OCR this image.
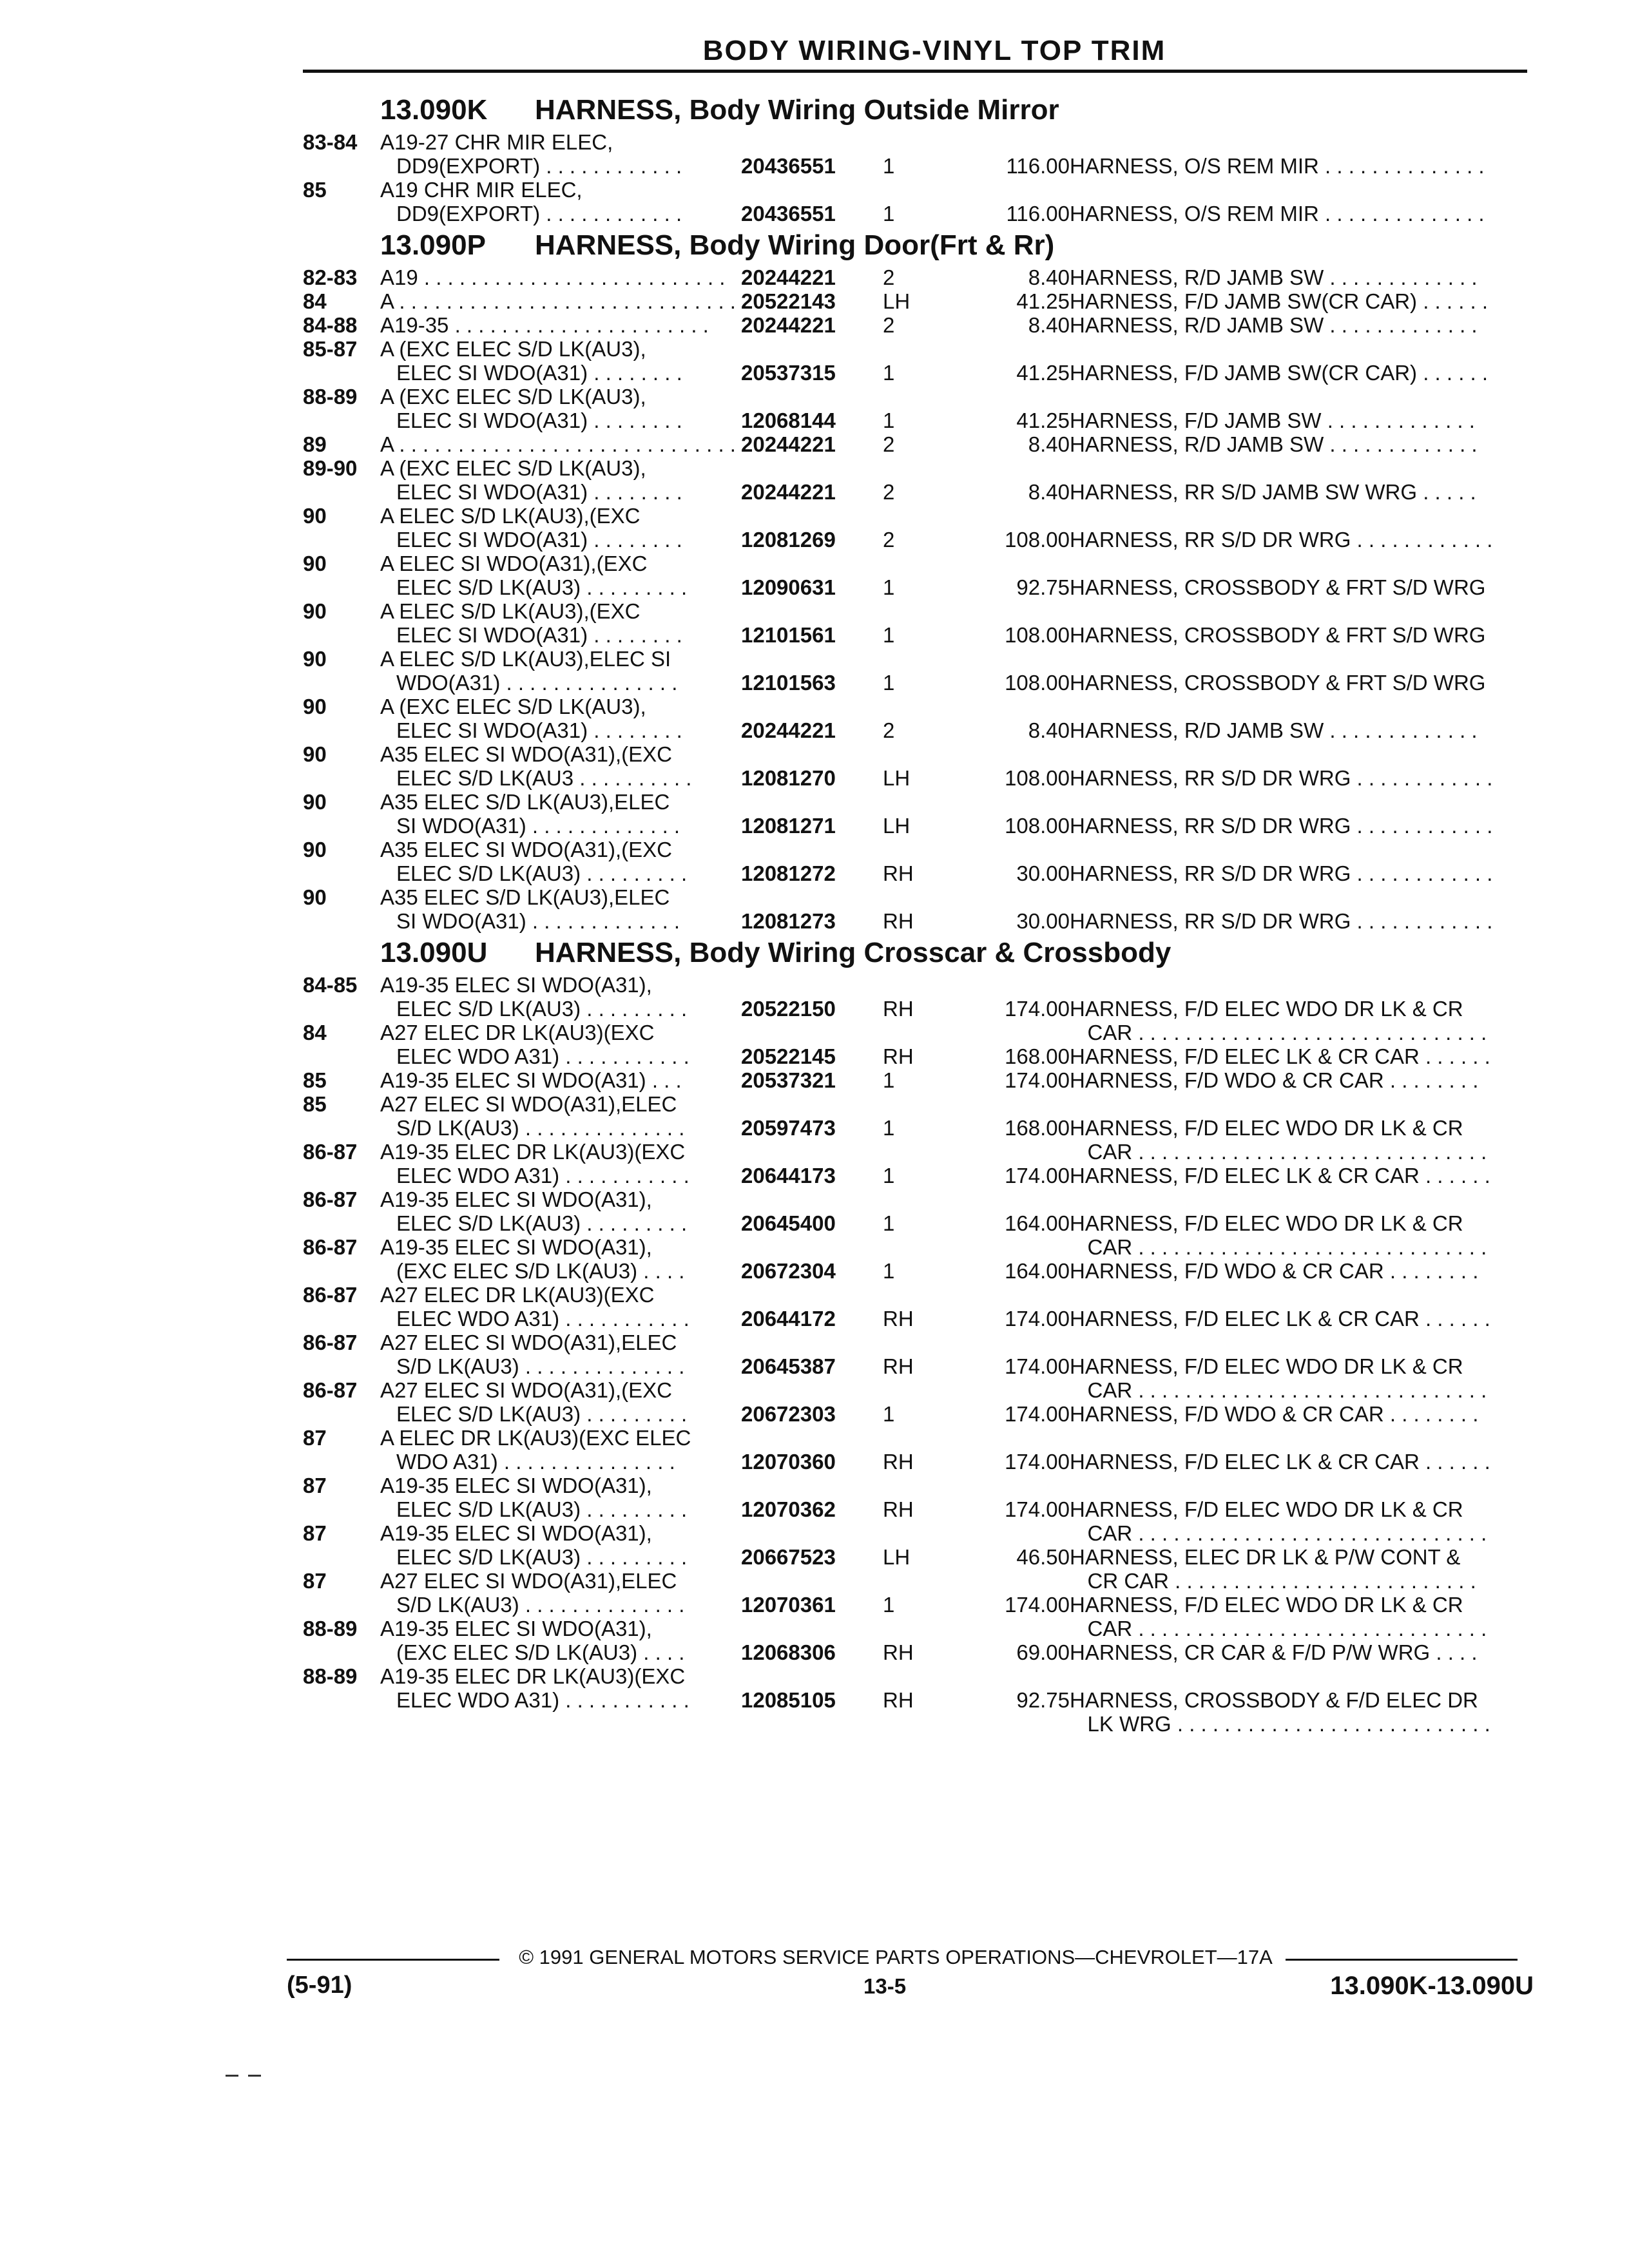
BODY WIRING-VINYL TOP TRIM
13.090K HARNESS, Body Wiring Outside Mirror
83-84 A19-27 CHR MIR ELEC,
DD9(EXPORT) . . . . . . . . . . . .	20436551 1	116.00 HARNESS, O/S REM MIR . . . . . . . . . . . . . .
85	A19 CHR MIR ELEC,
DD9(EXPORT) . . . . . . . . . . . .	20436551 1	116.00 HARNESS, O/S REM MIR . . . . . . . . . . . . . .
13.090P HARNESS, Body Wiring Door(Frt & Rr)
82-83 A19 . . . . . . . . . . . . . . . . . . . . . . . . . . 20244221 2	8.40 HARNESS, R/D JAMB SW . . . . . . . . . . . . .
84	A . . . . . . . . . . . . . . . . . . . . . . . . . . . . . 20522143 LH	41.25 HARNESS, F/D JAMB SW(CR CAR) . . . . . .
84-88 A19-35 . . . . . . . . . . . . . . . . . . . . . . 20244221 2	8.40 HARNESS, R/D JAMB SW . . . . . . . . . . . . .
85-87 A (EXC ELEC S/D LK(AU3),
ELEC SI WDO(A31) . . . . . . . .	20537315 1	41.25 HARNESS, F/D JAMB SW(CR CAR) . . . . . .
88-89 A (EXC ELEC S/D LK(AU3),
ELEC SI WDO(A31) . . . . . . . .	12068144 1	41.25 HARNESS, F/D JAMB SW . . . . . . . . . . . . .
89	A . . . . . . . . . . . . . . . . . . . . . . . . . . . . . 20244221 2	8.40 HARNESS, R/D JAMB SW . . . . . . . . . . . . .
89-90 A (EXC ELEC S/D LK(AU3),
ELEC SI WDO(A31) . . . . . . . .	20244221 2	8.40 HARNESS, RR S/D JAMB SW WRG . . . . .
90	A ELEC S/D LK(AU3),(EXC
ELEC SI WDO(A31) . . . . . . . .	12081269 2	108.00 HARNESS, RR S/D DR WRG . . . . . . . . . . . .
90	A ELEC SI WDO(A31),(EXC
ELEC S/D LK(AU3) . . . . . . . . .	12090631 1	92.75 HARNESS, CROSSBODY & FRT S/D WRG
90	A ELEC S/D LK(AU3),(EXC
ELEC SI WDO(A31) . . . . . . . .	12101561 1	108.00 HARNESS, CROSSBODY & FRT S/D WRG
90	A ELEC S/D LK(AU3),ELEC SI
WDO(A31) . . . . . . . . . . . . . . .	12101563 1	108.00 HARNESS, CROSSBODY & FRT S/D WRG
90	A (EXC ELEC S/D LK(AU3),
ELEC SI WDO(A31) . . . . . . . .	20244221 2	8.40 HARNESS, R/D JAMB SW . . . . . . . . . . . . .
90	A35 ELEC SI WDO(A31),(EXC
ELEC S/D LK(AU3 . . . . . . . . . . 12081270 LH	108.00 HARNESS, RR S/D DR WRG . . . . . . . . . . . .
90	A35 ELEC S/D LK(AU3),ELEC
SI WDO(A31) . . . . . . . . . . . . .	12081271 LH	108.00 HARNESS, RR S/D DR WRG . . . . . . . . . . . .
90	A35 ELEC SI WDO(A31),(EXC
ELEC S/D LK(AU3) . . . . . . . . .	12081272 RH	30.00 HARNESS, RR S/D DR WRG . . . . . . . . . . . .
90	A35 ELEC S/D LK(AU3),ELEC
SI WDO(A31) . . . . . . . . . . . . .	12081273 RH	30.00 HARNESS, RR S/D DR WRG . . . . . . . . . . . .
13.090U HARNESS, Body Wiring Crosscar & Crossbody
84-85 A19-35 ELEC SI WDO(A31),
ELEC S/D LK(AU3) . . . . . . . . .	20522150 RH	174.00 HARNESS, F/D ELEC WDO DR LK & CR
CAR . . . . . . . . . . . . . . . . . . . . . . . . . . . . . .
84	A27 ELEC DR LK(AU3)(EXC
ELEC WDO A31) . . . . . . . . . . . 20522145 RH	168.00 HARNESS, F/D ELEC LK & CR CAR . . . . . .
85	A19-35 ELEC SI WDO(A31) . . .	20537321 1	174.00 HARNESS, F/D WDO & CR CAR . . . . . . . .
85	A27 ELEC SI WDO(A31),ELEC
S/D LK(AU3) . . . . . . . . . . . . . .	20597473 1	168.00 HARNESS, F/D ELEC WDO DR LK & CR
CAR . . . . . . . . . . . . . . . . . . . . . . . . . . . . . .
86-87 A19-35 ELEC DR LK(AU3)(EXC
ELEC WDO A31) . . . . . . . . . . . 20644173 1	174.00 HARNESS, F/D ELEC LK & CR CAR . . . . . .
86-87 A19-35 ELEC SI WDO(A31),
ELEC S/D LK(AU3) . . . . . . . . .	20645400 1	164.00 HARNESS, F/D ELEC WDO DR LK & CR
CAR . . . . . . . . . . . . . . . . . . . . . . . . . . . . . .
86-87 A19-35 ELEC SI WDO(A31),
(EXC ELEC S/D LK(AU3) . . . .	20672304 1	164.00 HARNESS, F/D WDO & CR CAR . . . . . . . .
86-87 A27 ELEC DR LK(AU3)(EXC
ELEC WDO A31) . . . . . . . . . . . 20644172 RH	174.00 HARNESS, F/D ELEC LK & CR CAR . . . . . .
86-87 A27 ELEC SI WDO(A31),ELEC
S/D LK(AU3) . . . . . . . . . . . . . .	20645387 RH	174.00 HARNESS, F/D ELEC WDO DR LK & CR
CAR . . . . . . . . . . . . . . . . . . . . . . . . . . . . . .
86-87 A27 ELEC SI WDO(A31),(EXC
ELEC S/D LK(AU3) . . . . . . . . .	20672303 1	174.00 HARNESS, F/D WDO & CR CAR . . . . . . . .
87	A ELEC DR LK(AU3)(EXC ELEC
WDO A31) . . . . . . . . . . . . . . .	12070360 RH	174.00 HARNESS, F/D ELEC LK & CR CAR . . . . . .
87	A19-35 ELEC SI WDO(A31),
ELEC S/D LK(AU3) . . . . . . . . .	12070362 RH	174.00 HARNESS, F/D ELEC WDO DR LK & CR
CAR . . . . . . . . . . . . . . . . . . . . . . . . . . . . . .
87	A19-35 ELEC SI WDO(A31),
ELEC S/D LK(AU3) . . . . . . . . .	20667523 LH	46.50 HARNESS, ELEC DR LK & P/W CONT &
CR CAR . . . . . . . . . . . . . . . . . . . . . . . . . .
87	A27 ELEC SI WDO(A31),ELEC
S/D LK(AU3) . . . . . . . . . . . . . .	12070361 1	174.00 HARNESS, F/D ELEC WDO DR LK & CR
CAR . . . . . . . . . . . . . . . . . . . . . . . . . . . . . .
88-89 A19-35 ELEC SI WDO(A31),
(EXC ELEC S/D LK(AU3) . . . .	12068306 RH	69.00 HARNESS, CR CAR & F/D P/W WRG . . . .
88-89 A19-35 ELEC DR LK(AU3)(EXC
ELEC WDO A31) . . . . . . . . . . . 12085105 RH	92.75 HARNESS, CROSSBODY & F/D ELEC DR
LK WRG . . . . . . . . . . . . . . . . . . . . . . . . . . .
© 1991 GENERAL MOTORS SERVICE PARTS OPERATIONS—CHEVROLET—17A
(5-91)	13-5	13.090K-13.090U
